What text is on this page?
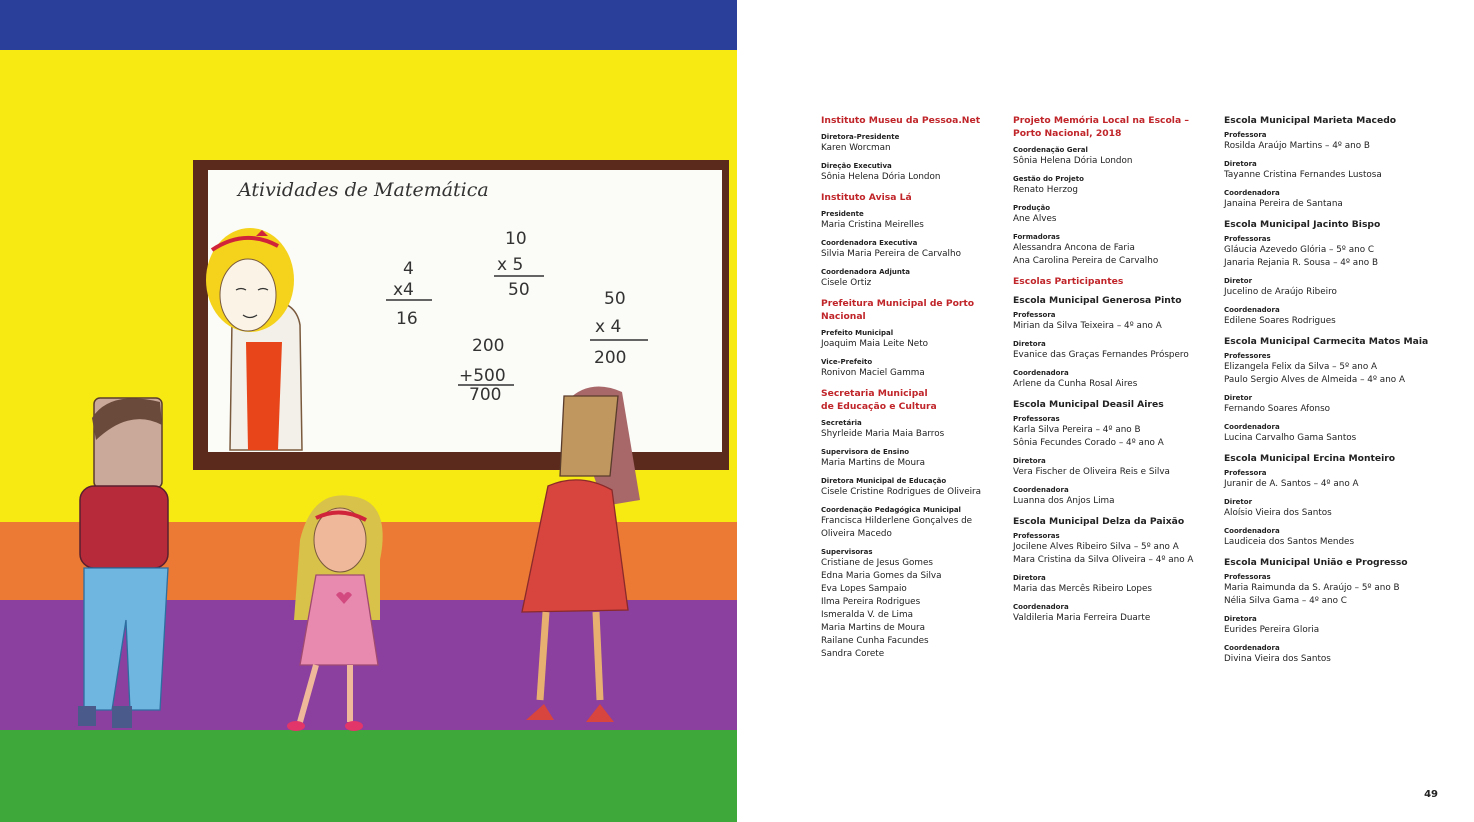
Atividades de Matemática
4
x4
16
10
x 5
50	50
x 4
200
200
+500
700
Instituto Museu da Pessoa.Net
Diretora-Presidente
Karen Worcman
Direção Executiva
Sônia Helena Dória London
Instituto Avisa Lá
Presidente
Maria Cristina Meirelles
Coordenadora Executiva
Silvia Maria Pereira de Carvalho
Coordenadora Adjunta
Cisele Ortiz
Prefeitura Municipal de Porto
Nacional
Prefeito Municipal
Joaquim Maia Leite Neto
Vice-Prefeito
Ronivon Maciel Gamma
Secretaria Municipal
de Educação e Cultura
Secretária
Shyrleide Maria Maia Barros
Supervisora de Ensino
Maria Martins de Moura
Diretora Municipal de Educação
Cisele Cristine Rodrigues de Oliveira
Coordenação Pedagógica Municipal
Francisca Hilderlene Gonçalves de
Oliveira Macedo
Supervisoras
Cristiane de Jesus Gomes
Edna Maria Gomes da Silva
Eva Lopes Sampaio
Ilma Pereira Rodrigues
Ismeralda V. de Lima
Maria Martins de Moura
Railane Cunha Facundes
Sandra Corete
Projeto Memória Local na Escola –
Porto Nacional, 2018
Coordenação Geral
Sônia Helena Dória London
Gestão do Projeto
Renato Herzog
Produção
Ane Alves
Formadoras
Alessandra Ancona de Faria
Ana Carolina Pereira de Carvalho
Escolas Participantes
Escola Municipal Generosa Pinto
Professora
Mirian da Silva Teixeira – 4º ano A
Diretora
Evanice das Graças Fernandes Próspero
Coordenadora
Arlene da Cunha Rosal Aires
Escola Municipal Deasil Aires
Professoras
Karla Silva Pereira – 4º ano B
Sônia Fecundes Corado – 4º ano A
Diretora
Vera Fischer de Oliveira Reis e Silva
Coordenadora
Luanna dos Anjos Lima
Escola Municipal Delza da Paixão
Professoras
Jocilene Alves Ribeiro Silva – 5º ano A
Mara Cristina da Silva Oliveira – 4º ano A
Diretora
Maria das Mercês Ribeiro Lopes
Coordenadora
Valdileria Maria Ferreira Duarte
Escola Municipal Marieta Macedo
Professora
Rosilda Araújo Martins – 4º ano B
Diretora
Tayanne Cristina Fernandes Lustosa
Coordenadora
Janaina Pereira de Santana
Escola Municipal Jacinto Bispo
Professoras
Gláucia Azevedo Glória – 5º ano C
Janaria Rejania R. Sousa – 4º ano B
Diretor
Jucelino de Araújo Ribeiro
Coordenadora
Edilene Soares Rodrigues
Escola Municipal Carmecita Matos Maia
Professores
Elizangela Felix da Silva – 5º ano A
Paulo Sergio Alves de Almeida – 4º ano A
Diretor
Fernando Soares Afonso
Coordenadora
Lucina Carvalho Gama Santos
Escola Municipal Ercina Monteiro
Professora
Juranir de A. Santos – 4º ano A
Diretor
Aloísio Vieira dos Santos
Coordenadora
Laudiceia dos Santos Mendes
Escola Municipal União e Progresso
Professoras
Maria Raimunda da S. Araújo – 5º ano B
Nélia Silva Gama – 4º ano C
Diretora
Eurides Pereira Gloria
Coordenadora
Divina Vieira dos Santos
49
